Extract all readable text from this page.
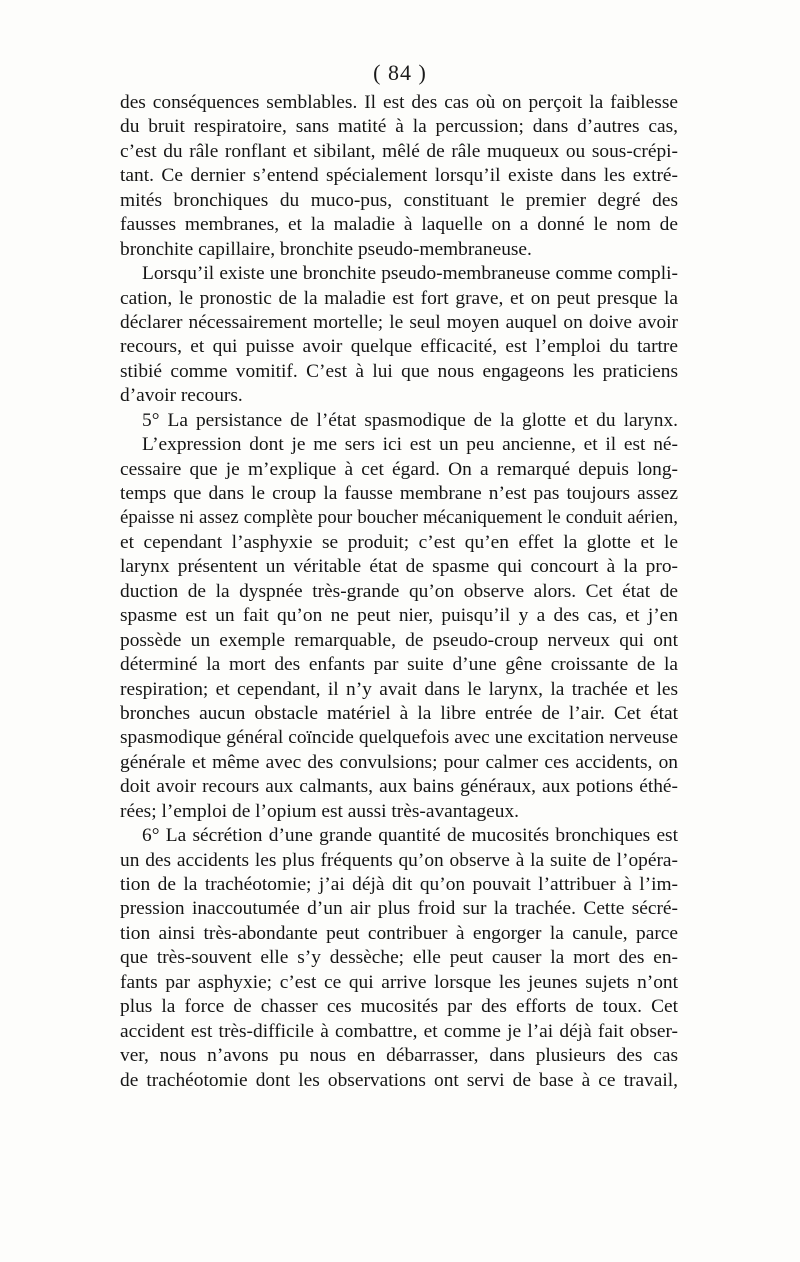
( 84 )
des conséquences semblables. Il est des cas où on perçoit la faiblesse
du bruit respiratoire, sans matité à la percussion; dans d’autres cas,
c’est du râle ronflant et sibilant, mêlé de râle muqueux ou sous-crépi-
tant. Ce dernier s’entend spécialement lorsqu’il existe dans les extré-
mités bronchiques du muco-pus, constituant le premier degré des
fausses membranes, et la maladie à laquelle on a donné le nom de
bronchite capillaire, bronchite pseudo-membraneuse.
Lorsqu’il existe une bronchite pseudo-membraneuse comme compli-
cation, le pronostic de la maladie est fort grave, et on peut presque la
déclarer nécessairement mortelle; le seul moyen auquel on doive avoir
recours, et qui puisse avoir quelque efficacité, est l’emploi du tartre
stibié comme vomitif. C’est à lui que nous engageons les praticiens
d’avoir recours.
5° La persistance de l’état spasmodique de la glotte et du larynx.
L’expression dont je me sers ici est un peu ancienne, et il est né-
cessaire que je m’explique à cet égard. On a remarqué depuis long-
temps que dans le croup la fausse membrane n’est pas toujours assez
épaisse ni assez complète pour boucher mécaniquement le conduit aérien,
et cependant l’asphyxie se produit; c’est qu’en effet la glotte et le
larynx présentent un véritable état de spasme qui concourt à la pro-
duction de la dyspnée très-grande qu’on observe alors. Cet état de
spasme est un fait qu’on ne peut nier, puisqu’il y a des cas, et j’en
possède un exemple remarquable, de pseudo-croup nerveux qui ont
déterminé la mort des enfants par suite d’une gêne croissante de la
respiration; et cependant, il n’y avait dans le larynx, la trachée et les
bronches aucun obstacle matériel à la libre entrée de l’air. Cet état
spasmodique général coïncide quelquefois avec une excitation nerveuse
générale et même avec des convulsions; pour calmer ces accidents, on
doit avoir recours aux calmants, aux bains généraux, aux potions éthé-
rées; l’emploi de l’opium est aussi très-avantageux.
6° La sécrétion d’une grande quantité de mucosités bronchiques est
un des accidents les plus fréquents qu’on observe à la suite de l’opéra-
tion de la trachéotomie; j’ai déjà dit qu’on pouvait l’attribuer à l’im-
pression inaccoutumée d’un air plus froid sur la trachée. Cette sécré-
tion ainsi très-abondante peut contribuer à engorger la canule, parce
que très-souvent elle s’y dessèche; elle peut causer la mort des en-
fants par asphyxie; c’est ce qui arrive lorsque les jeunes sujets n’ont
plus la force de chasser ces mucosités par des efforts de toux. Cet
accident est très-difficile à combattre, et comme je l’ai déjà fait obser-
ver, nous n’avons pu nous en débarrasser, dans plusieurs des cas
de trachéotomie dont les observations ont servi de base à ce travail,
